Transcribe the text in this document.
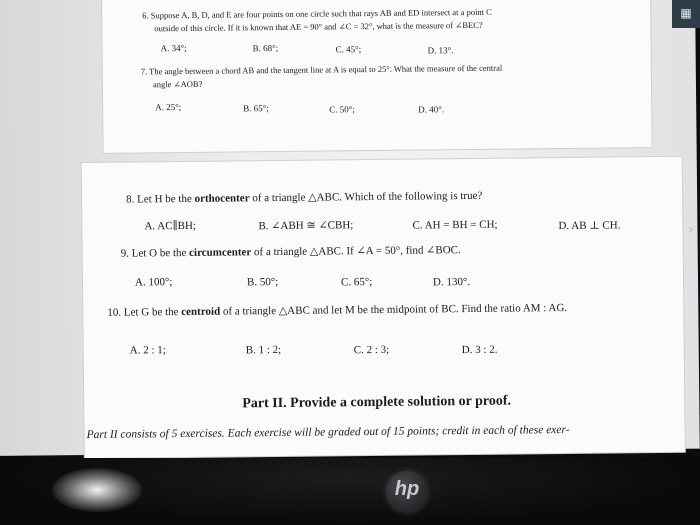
6. Suppose A, B, D, and E are four points on one circle such that rays AB and ED intersect at a point C
outside of this circle. If it is known that AE = 90° and ∠C = 32°, what is the measure of ∠BEC?
A. 34°;	B. 68°;	C. 45°;	D. 13°.
7. The angle between a chord AB and the tangent line at A is equal to 25°. What the measure of the central
angle ∠AOB?
A. 25°;	B. 65°;	C. 50°;	D. 40°.
8. Let H be the orthocenter of a triangle △ABC. Which of the following is true?
A. AC∥BH;	B. ∠ABH ≅ ∠CBH;	C. AH = BH = CH;	D. AB ⊥ CH.
9. Let O be the circumcenter of a triangle △ABC. If ∠A = 50°, find ∠BOC.
A. 100°;	B. 50°;	C. 65°;	D. 130°.
10. Let G be the centroid of a triangle △ABC and let M be the midpoint of BC. Find the ratio AM : AG.
A. 2 : 1;	B. 1 : 2;	C. 2 : 3;	D. 3 : 2.
Part II. Provide a complete solution or proof.
Part II consists of 5 exercises. Each exercise will be graded out of 15 points; credit in each of these exer-
▦
›
hp
